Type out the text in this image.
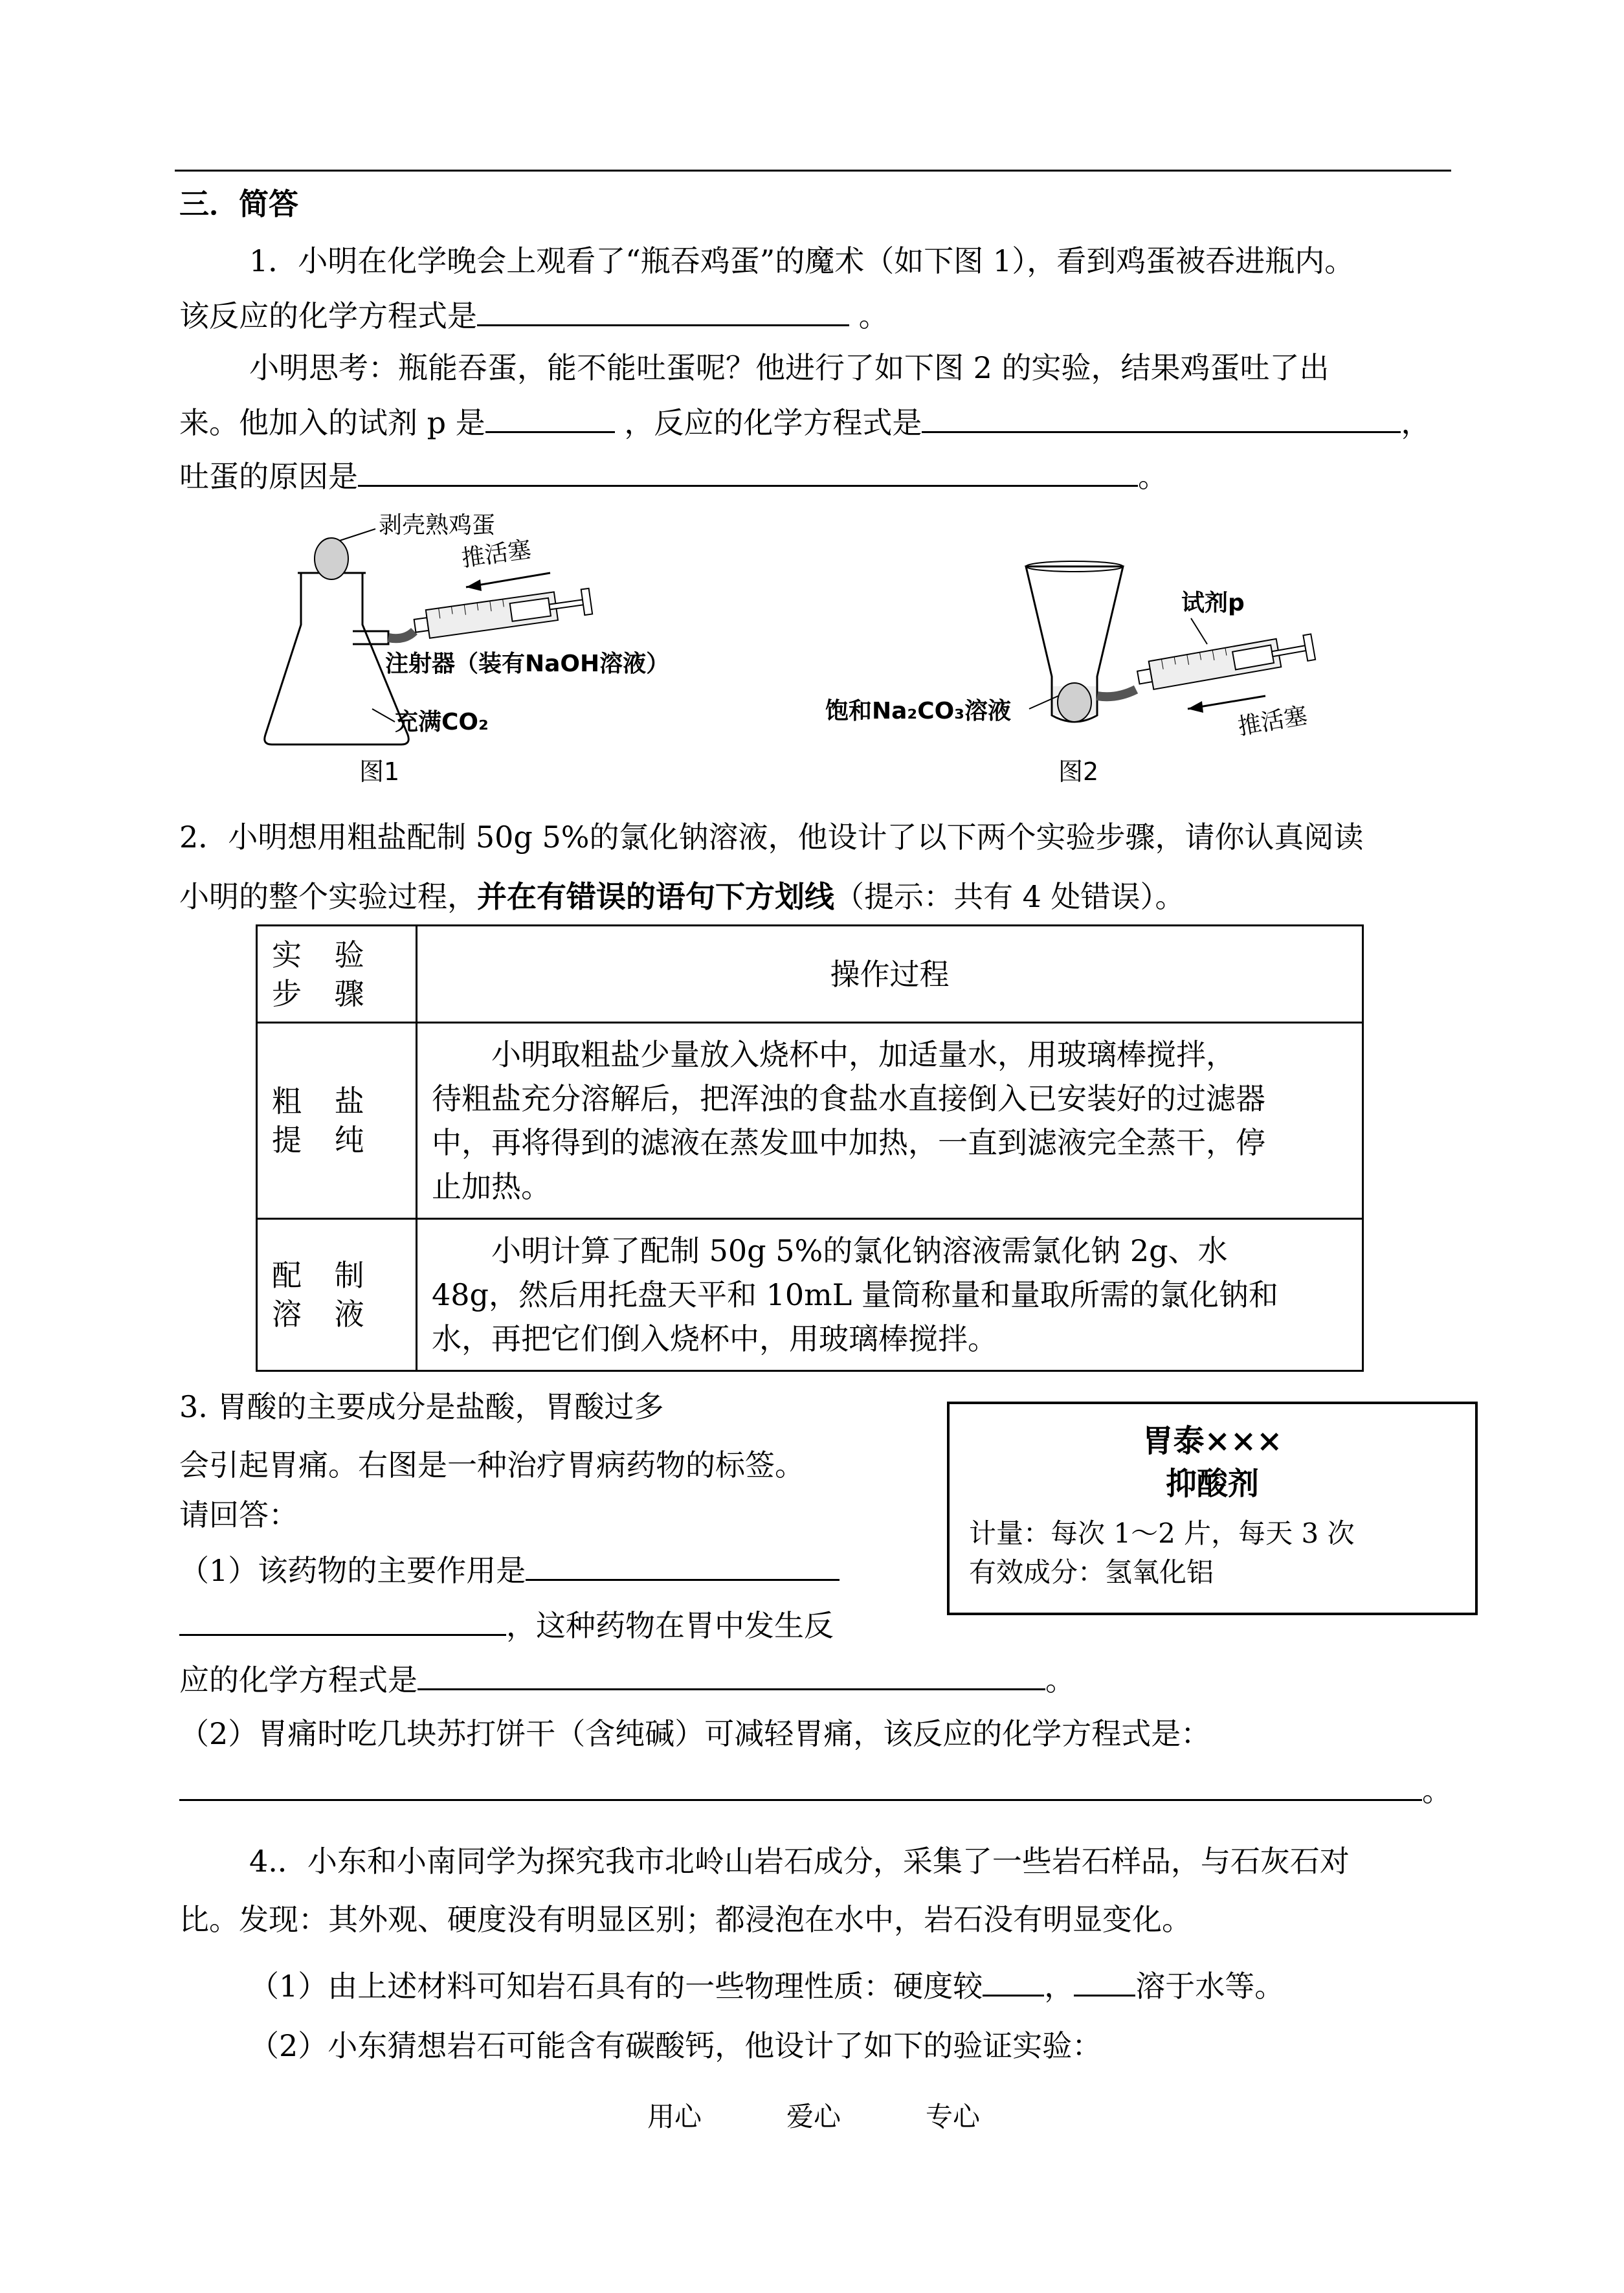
三．简答
1．小明在化学晚会上观看了“瓶吞鸡蛋”的魔术（如下图 1），看到鸡蛋被吞进瓶内。
该反应的化学方程式是	。
小明思考：瓶能吞蛋，能不能吐蛋呢？他进行了如下图 2 的实验，结果鸡蛋吐了出
来。他加入的试剂 p 是	，反应的化学方程式是	，
吐蛋的原因是	。
剥壳熟鸡蛋
推活塞
注射器（装有NaOH溶液）
充满CO₂
图1
试剂p
饱和Na₂CO₃溶液	推活塞
图2
2．小明想用粗盐配制 50g 5%的氯化钠溶液，他设计了以下两个实验步骤，请你认真阅读
小明的整个实验过程，并在有错误的语句下方划线（提示：共有 4 处错误）。
实 验 步 骤	操作过程
粗 盐 提 纯	　　小明取粗盐少量放入烧杯中，加适量水，用玻璃棒搅拌，
待粗盐充分溶解后，把浑浊的食盐水直接倒入已安装好的过滤器
中，再将得到的滤液在蒸发皿中加热，一直到滤液完全蒸干，停
止加热。

配 制 溶 液	　　小明计算了配制 50g 5%的氯化钠溶液需氯化钠 2g、水
48g，然后用托盘天平和 10mL 量筒称量和量取所需的氯化钠和
水，再把它们倒入烧杯中，用玻璃棒搅拌。
3. 胃酸的主要成分是盐酸，胃酸过多
会引起胃痛。右图是一种治疗胃病药物的标签。
请回答：
（1）该药物的主要作用是
，这种药物在胃中发生反
应的化学方程式是	。
（2）胃痛时吃几块苏打饼干（含纯碱）可减轻胃痛，该反应的化学方程式是：
。
胃泰×××
抑酸剂
计量：每次 1～2 片，每天 3 次
有效成分：氢氧化铝
4.．小东和小南同学为探究我市北岭山岩石成分，采集了一些岩石样品，与石灰石对
比。发现：其外观、硬度没有明显区别；都浸泡在水中，岩石没有明显变化。
（1）由上述材料可知岩石具有的一些物理性质：硬度较 ， 溶于水等。
（2）小东猜想岩石可能含有碳酸钙，他设计了如下的验证实验：
用心	爱心	专心
